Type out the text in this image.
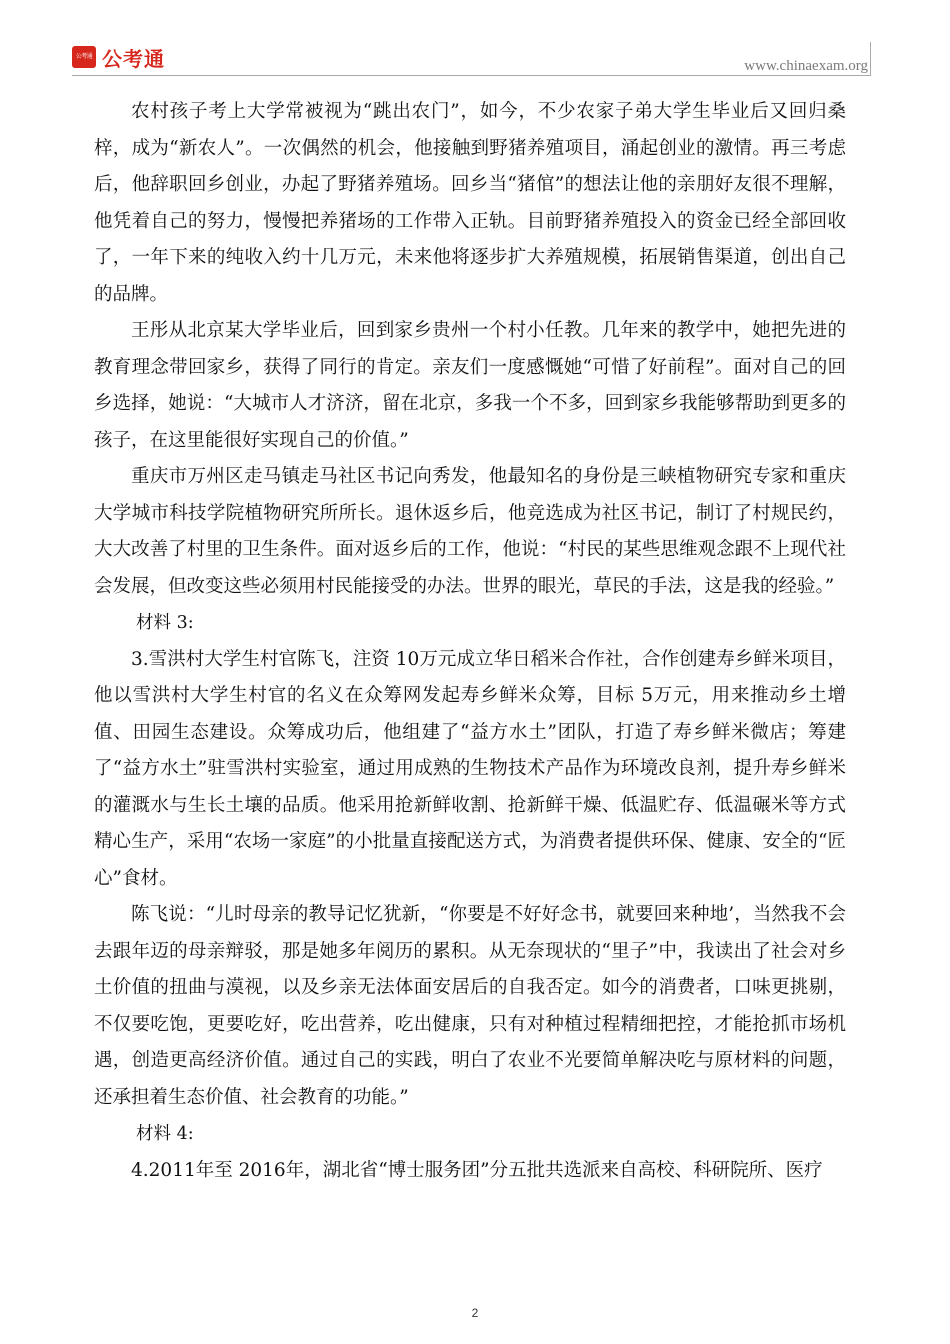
公考通 公考通	www.chinaexam.org

农村孩子考上大学常被视为“跳出农门”，如今，不少农家子弟大学生毕业后又回归桑梓，成为“新农人”。一次偶然的机会，他接触到野猪养殖项目，涌起创业的激情。再三考虑后，他辞职回乡创业，办起了野猪养殖场。回乡当“猪倌”的想法让他的亲朋好友很不理解，他凭着自己的努力，慢慢把养猪场的工作带入正轨。目前野猪养殖投入的资金已经全部回收了，一年下来的纯收入约十几万元，未来他将逐步扩大养殖规模，拓展销售渠道，创出自己的品牌。

王彤从北京某大学毕业后，回到家乡贵州一个村小任教。几年来的教学中，她把先进的教育理念带回家乡，获得了同行的肯定。亲友们一度感慨她“可惜了好前程”。面对自己的回乡选择，她说：“大城市人才济济，留在北京，多我一个不多，回到家乡我能够帮助到更多的孩子，在这里能很好实现自己的价值。”

重庆市万州区走马镇走马社区书记向秀发，他最知名的身份是三峡植物研究专家和重庆大学城市科技学院植物研究所所长。退休返乡后，他竞选成为社区书记，制订了村规民约，大大改善了村里的卫生条件。面对返乡后的工作，他说：“村民的某些思维观念跟不上现代社会发展，但改变这些必须用村民能接受的办法。世界的眼光，草民的手法，这是我的经验。”

材料 3:

3.雪洪村大学生村官陈飞，注资 10万元成立华日稻米合作社，合作创建寿乡鲜米项目，他以雪洪村大学生村官的名义在众筹网发起寿乡鲜米众筹，目标 5万元，用来推动乡土增值、田园生态建设。众筹成功后，他组建了“益方水土”团队，打造了寿乡鲜米微店；筹建了“益方水土”驻雪洪村实验室，通过用成熟的生物技术产品作为环境改良剂，提升寿乡鲜米的灌溉水与生长土壤的品质。他采用抢新鲜收割、抢新鲜干燥、低温贮存、低温碾米等方式精心生产，采用“农场一家庭”的小批量直接配送方式，为消费者提供环保、健康、安全的“匠心”食材。

陈飞说：“儿时母亲的教导记忆犹新，“你要是不好好念书，就要回来种地’，当然我不会去跟年迈的母亲辩驳，那是她多年阅历的累积。从无奈现状的“里子”中，我读出了社会对乡土价值的扭曲与漠视，以及乡亲无法体面安居后的自我否定。如今的消费者，口味更挑剔，不仅要吃饱，更要吃好，吃出营养，吃出健康，只有对种植过程精细把控，才能抢抓市场机遇，创造更高经济价值。通过自己的实践，明白了农业不光要简单解决吃与原材料的问题，还承担着生态价值、社会教育的功能。”

材料 4:

4.2011年至 2016年，湖北省“博士服务团”分五批共选派来自高校、科研院所、医疗

2
